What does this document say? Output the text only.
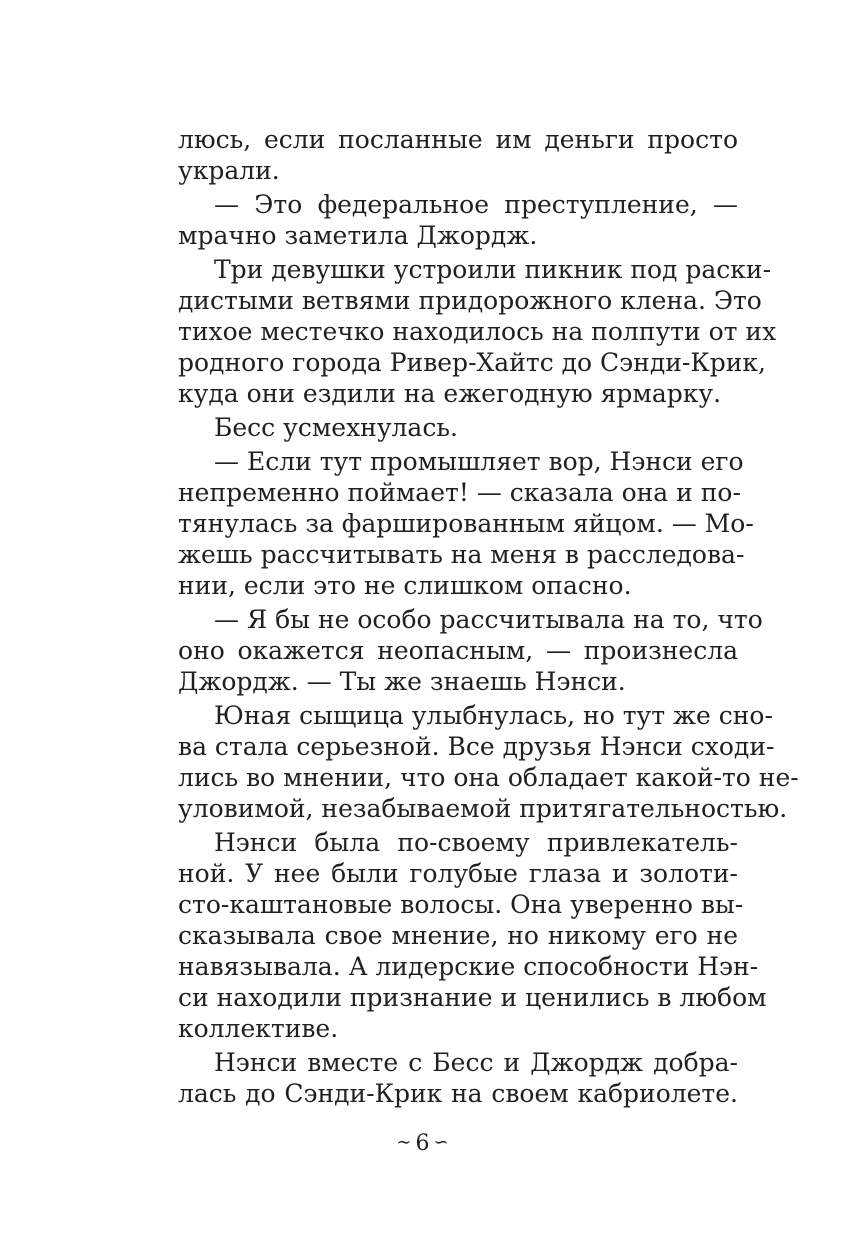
люсь, если посланные им деньги просто
украли.
— Это федеральное преступление, —
мрачно заметила Джордж.
Три девушки устроили пикник под раски-
дистыми ветвями придорожного клена. Это
тихое местечко находилось на полпути от их
родного города Ривер-Хайтс до Сэнди-Крик,
куда они ездили на ежегодную ярмарку.
Бесс усмехнулась.
— Если тут промышляет вор, Нэнси его
непременно поймает! — сказала она и по-
тянулась за фаршированным яйцом. — Мо-
жешь рассчитывать на меня в расследова-
нии, если это не слишком опасно.
— Я бы не особо рассчитывала на то, что
оно окажется неопасным, — произнесла
Джордж. — Ты же знаешь Нэнси.
Юная сыщица улыбнулась, но тут же сно-
ва стала серьезной. Все друзья Нэнси сходи-
лись во мнении, что она обладает какой-то не-
уловимой, незабываемой притягательностью.
Нэнси была по-своему привлекатель-
ной. У нее были голубые глаза и золоти-
сто-каштановые волосы. Она уверенно вы-
сказывала свое мнение, но никому его не
навязывала. А лидерские способности Нэн-
си находили признание и ценились в любом
коллективе.
Нэнси вместе с Бесс и Джордж добра-
лась до Сэнди-Крик на своем кабриолете.
∼ 6 ∽
